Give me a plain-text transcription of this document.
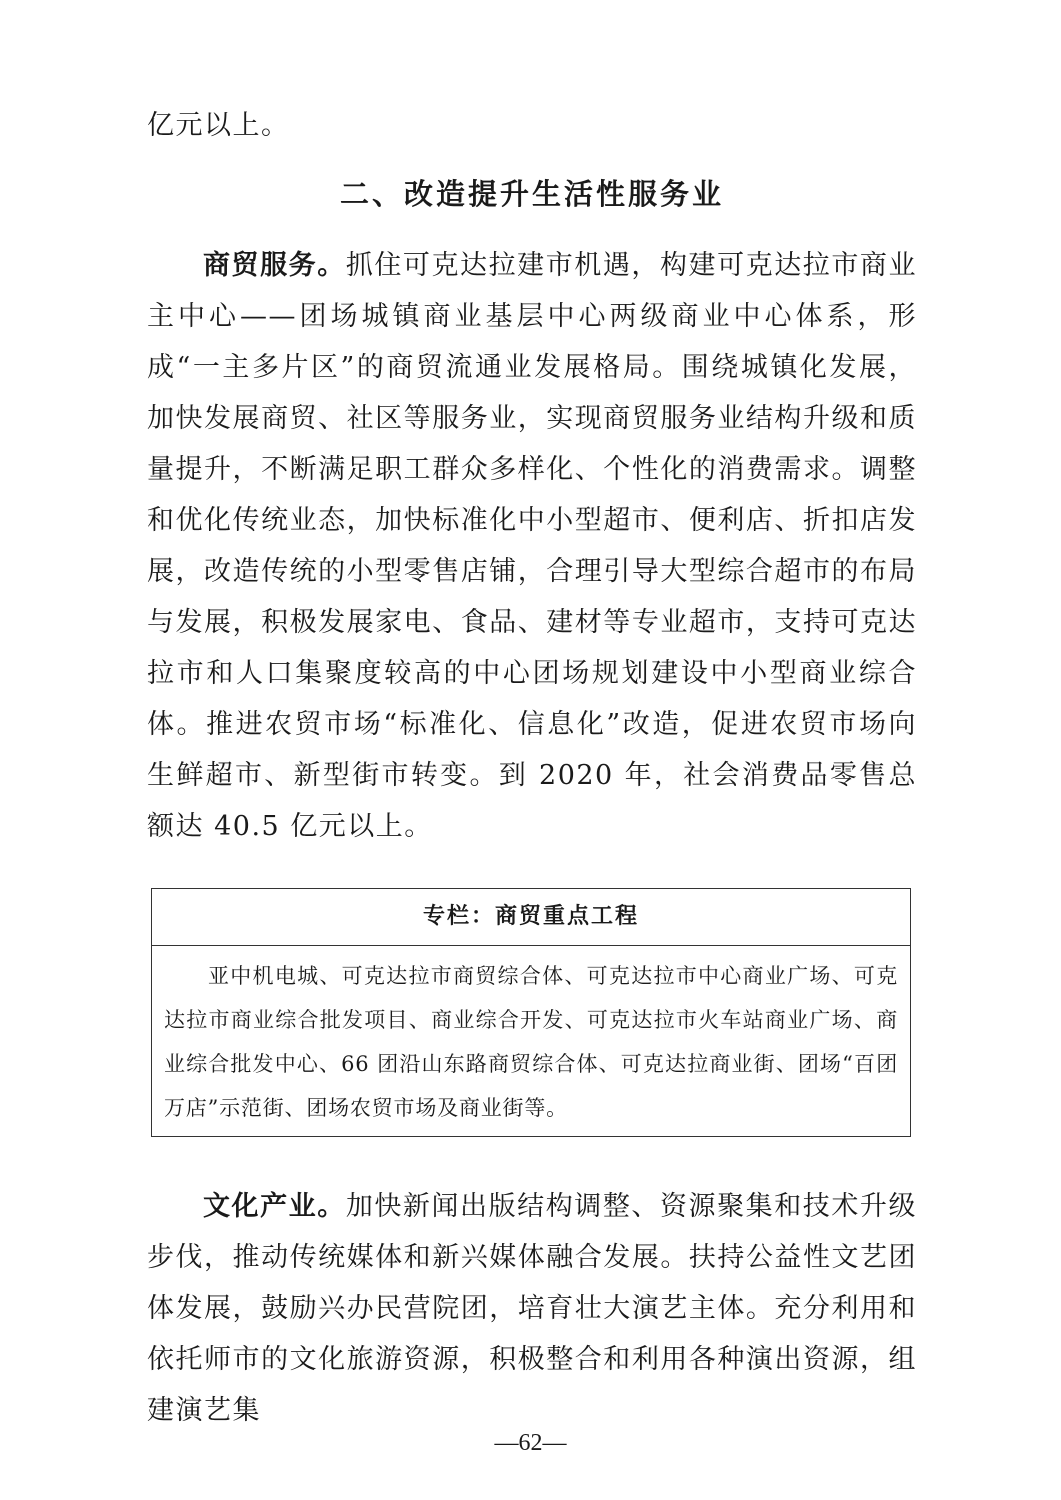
亿元以上。

二、改造提升生活性服务业

商贸服务。抓住可克达拉建市机遇，构建可克达拉市商业主中心——团场城镇商业基层中心两级商业中心体系，形成“一主多片区”的商贸流通业发展格局。围绕城镇化发展，加快发展商贸、社区等服务业，实现商贸服务业结构升级和质量提升，不断满足职工群众多样化、个性化的消费需求。调整和优化传统业态，加快标准化中小型超市、便利店、折扣店发展，改造传统的小型零售店铺，合理引导大型综合超市的布局与发展，积极发展家电、食品、建材等专业超市，支持可克达拉市和人口集聚度较高的中心团场规划建设中小型商业综合体。推进农贸市场“标准化、信息化”改造，促进农贸市场向生鲜超市、新型街市转变。到 2020 年，社会消费品零售总额达 40.5 亿元以上。

专栏：商贸重点工程
亚中机电城、可克达拉市商贸综合体、可克达拉市中心商业广场、可克达拉市商业综合批发项目、商业综合开发、可克达拉市火车站商业广场、商业综合批发中心、66 团沿山东路商贸综合体、可克达拉商业街、团场“百团万店”示范街、团场农贸市场及商业街等。

文化产业。加快新闻出版结构调整、资源聚集和技术升级步伐，推动传统媒体和新兴媒体融合发展。扶持公益性文艺团体发展，鼓励兴办民营院团，培育壮大演艺主体。充分利用和依托师市的文化旅游资源，积极整合和利用各种演出资源，组建演艺集

—62—
